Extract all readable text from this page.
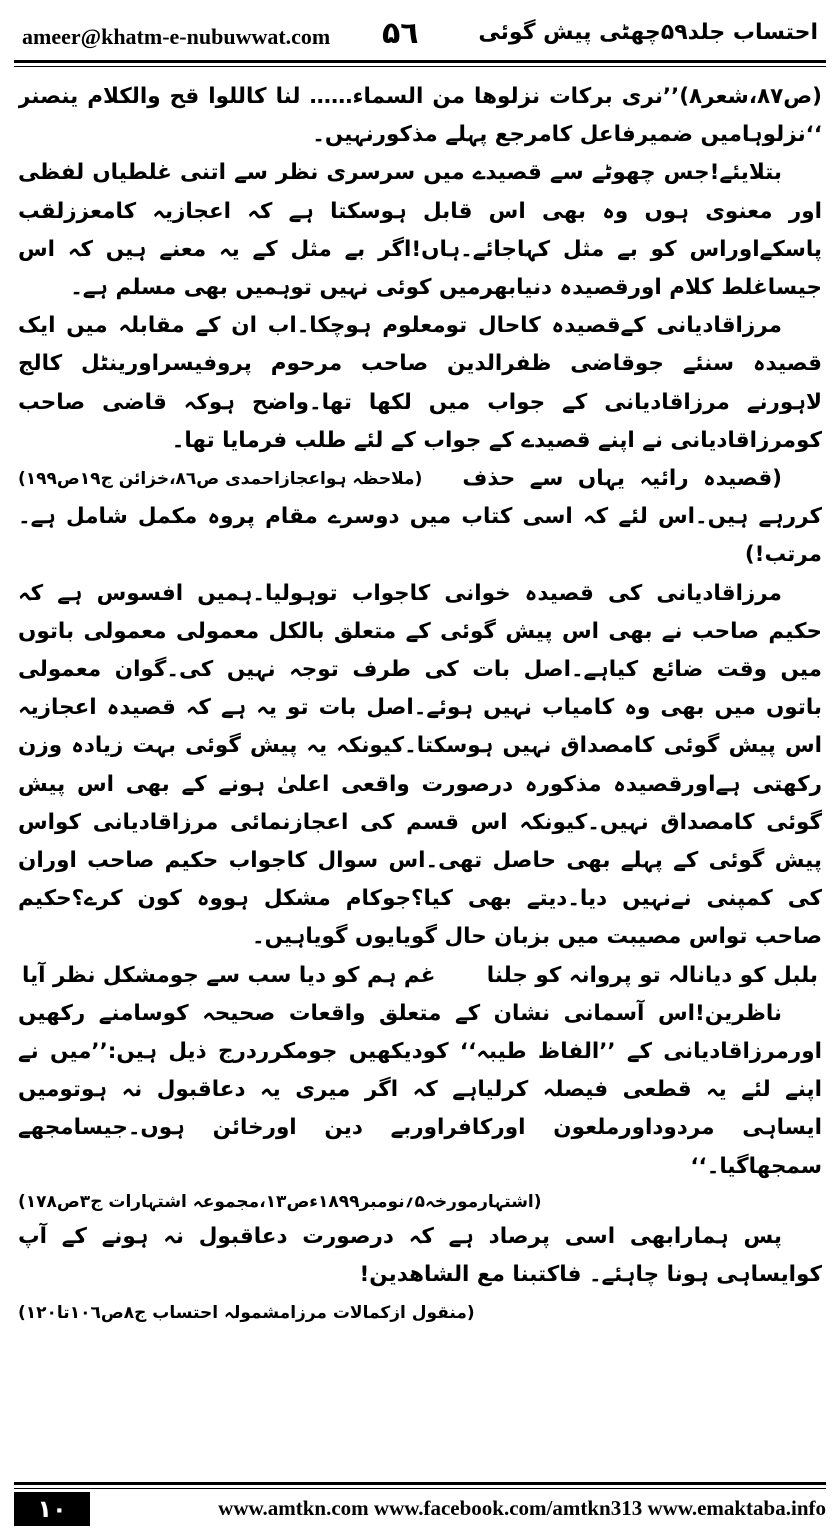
ameer@khatm-e-nubuwwat.com ۵٦	احتساب جلد۵۹چھٹی پیش گوئی

(ص۸۷،شعر۸)’’نری برکات نزلوھا من السماء…… لنا کاللوا قح والکلام ینصنر ‘‘نزلوہامیں ضمیرفاعل کامرجع پہلے مذکورنہیں۔

بتلایئے!جس چھوٹے سے قصیدے میں سرسری نظر سے اتنی غلطیاں لفظی اور معنوی ہوں وہ بھی اس قابل ہوسکتا ہے کہ اعجازیہ کامعززلقب پاسکےاوراس کو بے مثل کہاجائے۔ہاں!اگر بے مثل کے یہ معنے ہیں کہ اس جیساغلط کلام اورقصیدہ دنیابھرمیں کوئی نہیں توہمیں بھی مسلم ہے۔

مرزاقادیانی کےقصیدہ کاحال تومعلوم ہوچکا۔اب ان کے مقابلہ میں ایک قصیدہ سنئے جوقاضی ظفرالدین صاحب مرحوم پروفیسراورینٹل کالج لاہورنے مرزاقادیانی کے جواب میں لکھا تھا۔واضح ہوکہ قاضی صاحب کومرزاقادیانی نے اپنے قصیدے کے جواب کے لئے طلب فرمایا تھا۔
(ملاحظہ ہواعجازاحمدی ص۸٦،خزائن ج۱۹ص۱۹۹)	(قصیدہ رائیہ یہاں سے حذف کررہے ہیں۔اس لئے کہ اسی کتاب میں دوسرے مقام پروہ مکمل شامل ہے۔مرتب!)

مرزاقادیانی کی قصیدہ خوانی کاجواب توہولیا۔ہمیں افسوس ہے کہ حکیم صاحب نے بھی اس پیش گوئی کے متعلق بالکل معمولی معمولی باتوں میں وقت ضائع کیاہے۔اصل بات کی طرف توجہ نہیں کی۔گوان معمولی باتوں میں بھی وہ کامیاب نہیں ہوئے۔اصل بات تو یہ ہے کہ قصیدہ اعجازیہ اس پیش گوئی کامصداق نہیں ہوسکتا۔کیونکہ یہ پیش گوئی بہت زیادہ وزن رکھتی ہےاورقصیدہ مذکورہ درصورت واقعی اعلیٰ ہونے کے بھی اس پیش گوئی کامصداق نہیں۔کیونکہ اس قسم کی اعجازنمائی مرزاقادیانی کواس پیش گوئی کے پہلے بھی حاصل تھی۔اس سوال کاجواب حکیم صاحب اوران کی کمپنی نےنہیں دیا۔دیتے بھی کیا؟جوکام مشکل ہووہ کون کرے؟حکیم صاحب تواس مصیبت میں بزبان حال گویایوں گویاہیں۔

بلبل کو دیانالہ تو پروانہ کو جلنا
غم ہم کو دیا سب سے جومشکل نظر آیا

ناظرین!اس آسمانی نشان کے متعلق واقعات صحیحہ کوسامنے رکھیں اورمرزاقادیانی کے ’’الفاظ طیبہ‘‘ کودیکھیں جومکرردرج ذیل ہیں:’’میں نے اپنے لئے یہ قطعی فیصلہ کرلیاہے کہ اگر میری یہ دعاقبول نہ ہوتومیں ایساہی مردوداورملعون اورکافراوربے دین اورخائن ہوں۔جیسامجھے سمجھاگیا۔‘‘

(اشتہارمورخہ۵؍نومبر۱۸۹۹ءص۱۳،مجموعہ اشتہارات ج۳ص۱۷۸)

پس ہمارابھی اسی پرصاد ہے کہ درصورت دعاقبول نہ ہونے کے آپ کوایساہی ہونا چاہئے۔ فاکتبنا مع الشاھدین!
(منقول ازکمالات مرزامشمولہ احتساب ج۸ص۱۰٦تا۱۲۰)

۱۰	www.amtkn.com www.facebook.com/amtkn313 www.emaktaba.info
